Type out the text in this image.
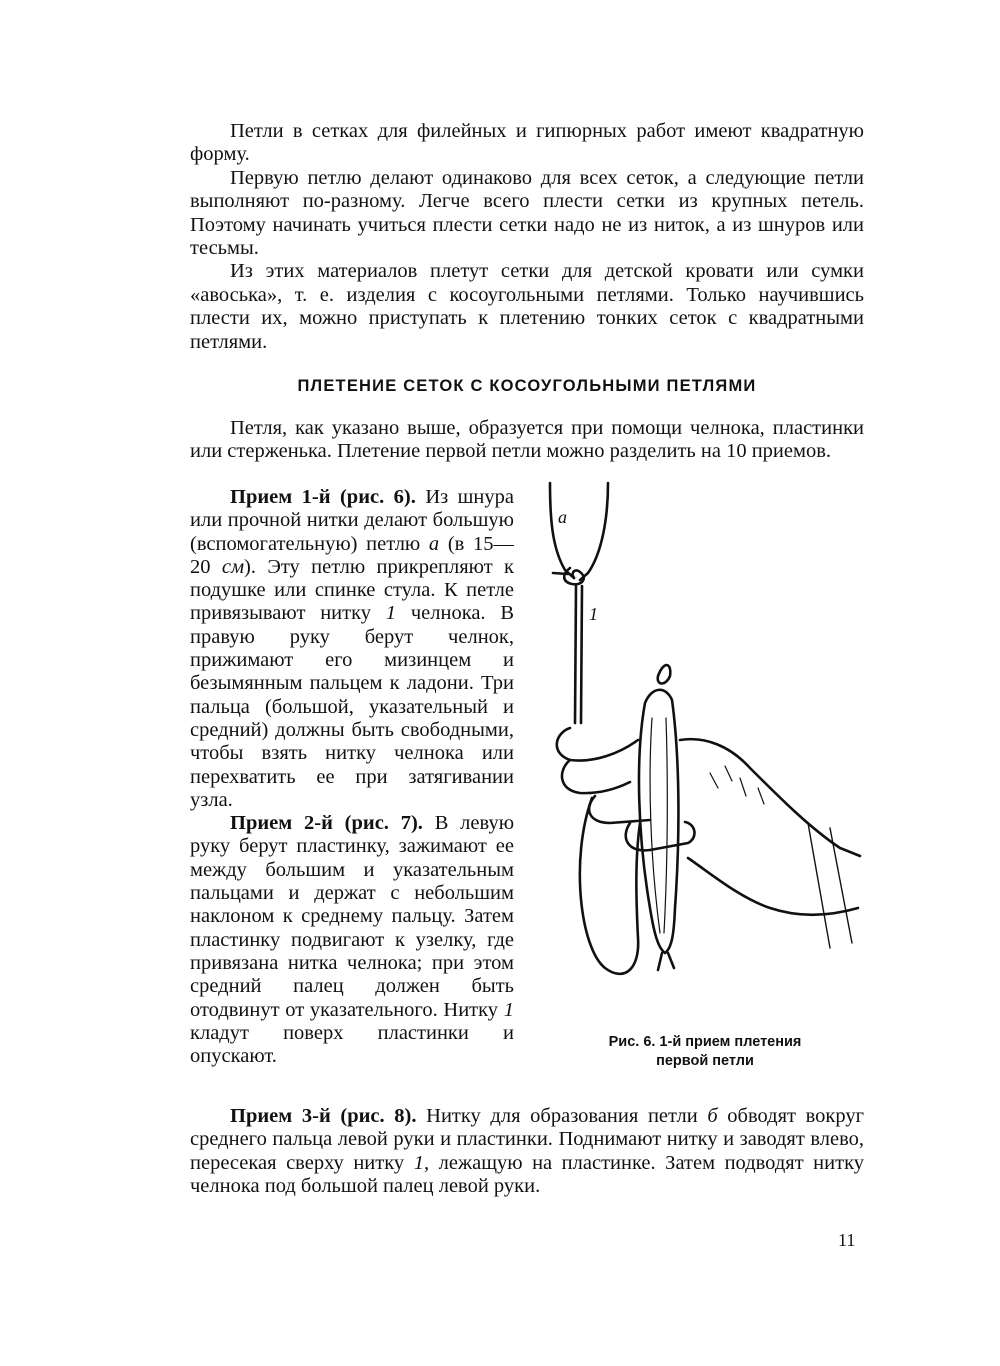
Петли в сетках для филейных и гипюрных работ имеют квадратную форму.

Первую петлю делают одинаково для всех сеток, а следующие петли выполняют по-разному. Легче всего плести сетки из крупных петель. Поэтому начинать учиться плести сетки надо не из ниток, а из шнуров или тесьмы.

Из этих материалов плетут сетки для детской кровати или сумки «авоська», т. е. изделия с косоугольными петлями. Только научившись плести их, можно приступать к плетению тонких сеток с квадратными петлями.

ПЛЕТЕНИЕ СЕТОК С КОСОУГОЛЬНЫМИ ПЕТЛЯМИ

Петля, как указано выше, образуется при помощи челнока, пластинки или стерженька. Плетение первой петли можно разделить на 10 приемов.

Прием 1-й (рис. 6). Из шнура или прочной нитки делают большую (вспомогательную) петлю а (в 15—20 см). Эту петлю прикрепляют к подушке или спинке стула. К петле привязывают нитку 1 челнока. В правую руку берут челнок, прижимают его мизинцем и безымянным пальцем к ладони. Три пальца (большой, указательный и средний) должны быть свободными, чтобы взять нитку челнока или перехватить ее при затягивании узла.

Прием 2-й (рис. 7). В левую руку берут пластинку, зажимают ее между большим и указательным пальцами и держат с небольшим наклоном к среднему пальцу. Затем пластинку подвигают к узелку, где привязана нитка челнока; при этом средний палец должен быть отодвинут от указательного. Нитку 1 кладут поверх пластинки и опускают.

Прием 3-й (рис. 8). Нитку для образования петли б обводят вокруг среднего пальца левой руки и пластинки. Поднимают нитку и заводят влево, пересекая сверху нитку 1, лежащую на пластинке. Затем подводят нитку челнока под большой палец левой руки.

а
1
Рис. 6. 1-й прием плетения
первой петли
11
